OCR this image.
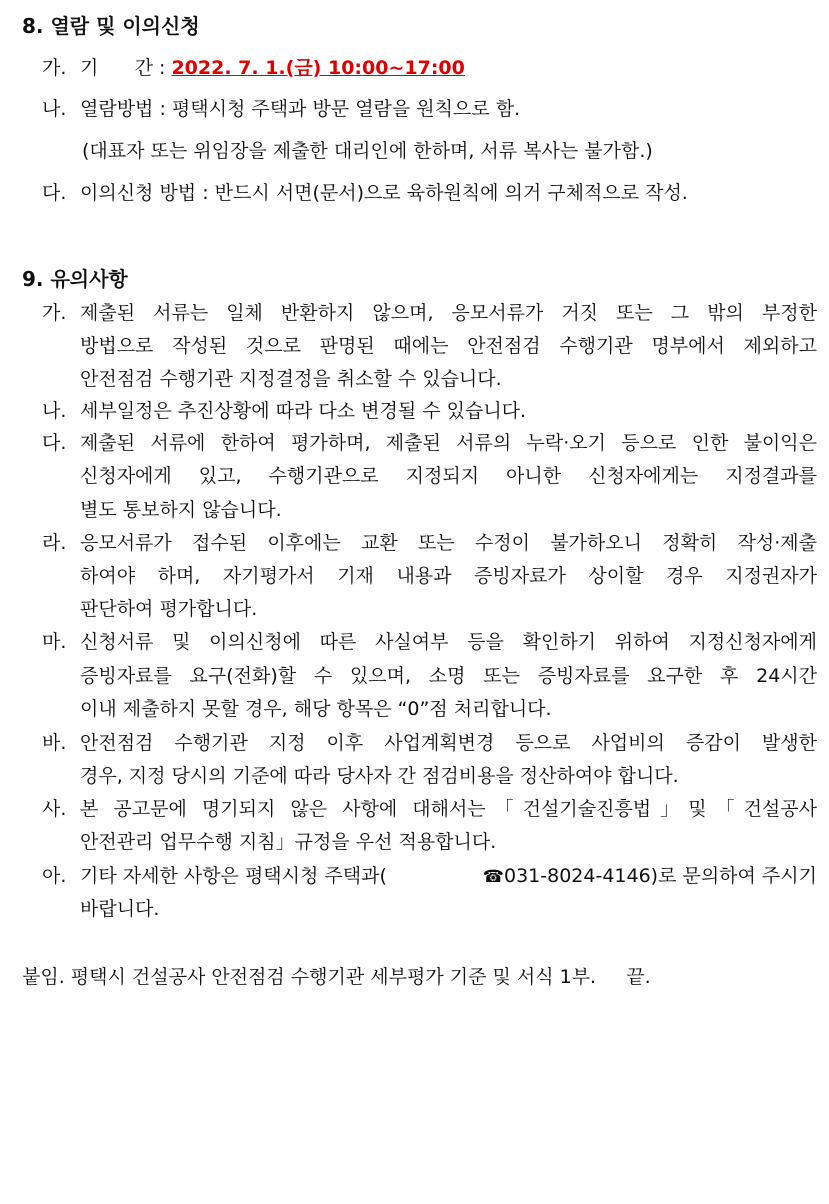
8. 열람 및 이의신청
가. 기      간 : 2022. 7. 1.(금) 10:00~17:00
나. 열람방법 : 평택시청 주택과 방문 열람을 원칙으로 함.
(대표자 또는 위임장을 제출한 대리인에 한하며, 서류 복사는 불가함.)
다. 이의신청 방법 : 반드시 서면(문서)으로 육하원칙에 의거 구체적으로 작성.
9. 유의사항
가. 제출된 서류는 일체 반환하지 않으며, 응모서류가 거짓 또는 그 밖의 부정한
방법으로 작성된 것으로 판명된 때에는 안전점검 수행기관 명부에서 제외하고
안전점검 수행기관 지정결정을 취소할 수 있습니다.
나. 세부일정은 추진상황에 따라 다소 변경될 수 있습니다.
다. 제출된 서류에 한하여 평가하며, 제출된 서류의 누락·오기 등으로 인한 불이익은
신청자에게 있고, 수행기관으로 지정되지 아니한 신청자에게는 지정결과를
별도 통보하지 않습니다.
라. 응모서류가 접수된 이후에는 교환 또는 수정이 불가하오니 정확히 작성·제출
하여야 하며, 자기평가서 기재 내용과 증빙자료가 상이할 경우 지정권자가
판단하여 평가합니다.
마. 신청서류 및 이의신청에 따른 사실여부 등을 확인하기 위하여 지정신청자에게
증빙자료를 요구(전화)할 수 있으며, 소명 또는 증빙자료를 요구한 후 24시간
이내 제출하지 못할 경우, 해당 항목은 “0”점 처리합니다.
바. 안전점검 수행기관 지정 이후 사업계획변경 등으로 사업비의 증감이 발생한
경우, 지정 당시의 기준에 따라 당사자 간 점검비용을 정산하여야 합니다.
사. 본 공고문에 명기되지 않은 사항에 대해서는「건설기술진흥법」및「건설공사
안전관리 업무수행 지침」규정을 우선 적용합니다.
아. 기타 자세한 사항은 평택시청 주택과(	☎031-8024-4146)로 문의하여 주시기
바랍니다.
붙임. 평택시 건설공사 안전점검 수행기관 세부평가 기준 및 서식 1부.     끝.
